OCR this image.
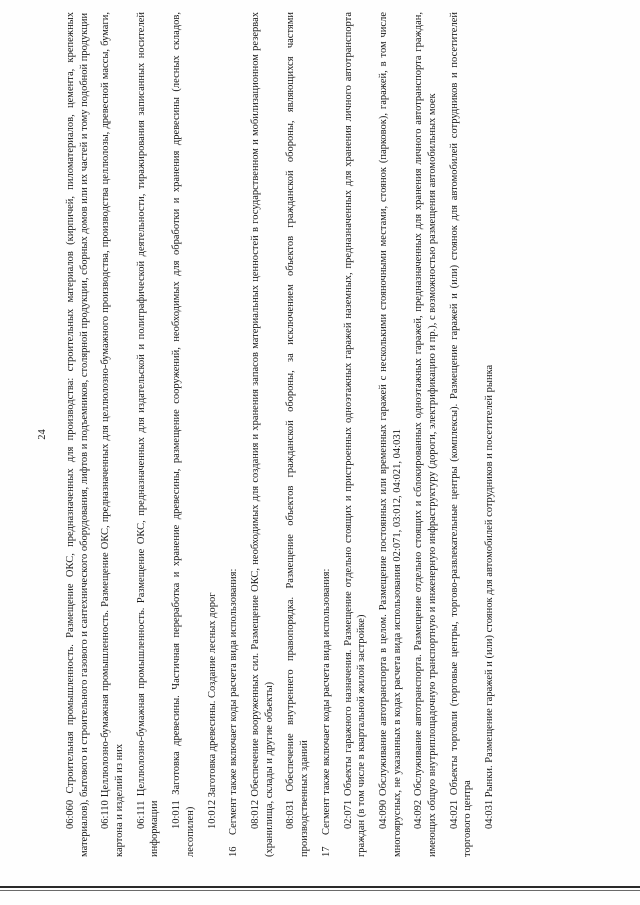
24 06:060 Строительная промышленность. Размещение ОКС, предназначенных для производства: строительных материалов (кирпичей, пиломатериалов, цемента, крепежных материалов), бытового и строительного газового и сантехнического оборудования, лифтов и подъемников, столярной продукции, сборных домов или их частей и тому подобной продукции 06:110 Целлюлозно-бумажная промышленность. Размещение ОКС, предназначенных для целлюлозно-бумажного производства, производства целлюлозы, древесной массы, бумаги, картона и изделий из них 06:111 Целлюлозно-бумажная промышленность. Размещение ОКС, предназначенных для издательской и полиграфической деятельности, тиражирования записанных носителей информации 10:011 Заготовка древесины. Частичная переработка и хранение древесины, размещение сооружений, необходимых для обработки и хранения древесины (лесных складов, лесопилен)

10:012 Заготовка древесины. Создание лесных дорог

16
Сегмент также включает коды расчета вида использования: 08:012 Обеспечение вооруженных сил. Размещение ОКС, необходимых для создания и хранения запасов материальных ценностей в государственном и мобилизационном резервах (хранилища, склады и другие объекты) 08:031 Обеспечение внутреннего правопорядка. Размещение объектов гражданской обороны, за исключением объектов гражданской обороны, являющихся частями производственных зданий 17
Сегмент также включает коды расчета вида использования: 02:071 Объекты гаражного назначения. Размещение отдельно стоящих и пристроенных одноэтажных гаражей наземных, предназначенных для хранения личного автотранспорта граждан (в том числе в квартальной жилой застройке) 04:090 Обслуживание автотранспорта в целом. Размещение постоянных или временных гаражей с несколькими стояночными местами, стоянок (парковок), гаражей, в том числе многоярусных, не указанных в кодах расчета вида использования 02:071, 03:012, 04:021, 04:031 04:092 Обслуживание автотранспорта. Размещение отдельно стоящих и сблокированных одноэтажных гаражей, предназначенных для хранения личного автотранспорта граждан, имеющих общую внутриплощадочную транспортную и инженерную инфраструктуру (дороги, электрификацию и пр.), с возможностью размещения автомобильных моек 04:021 Объекты торговли (торговые центры, торгово-развлекательные центры (комплексы). Размещение гаражей и (или) стоянок для автомобилей сотрудников и посетителей торгового центра 04:031 Рынки. Размещение гаражей и (или) стоянок для автомобилей сотрудников и посетителей рынка
